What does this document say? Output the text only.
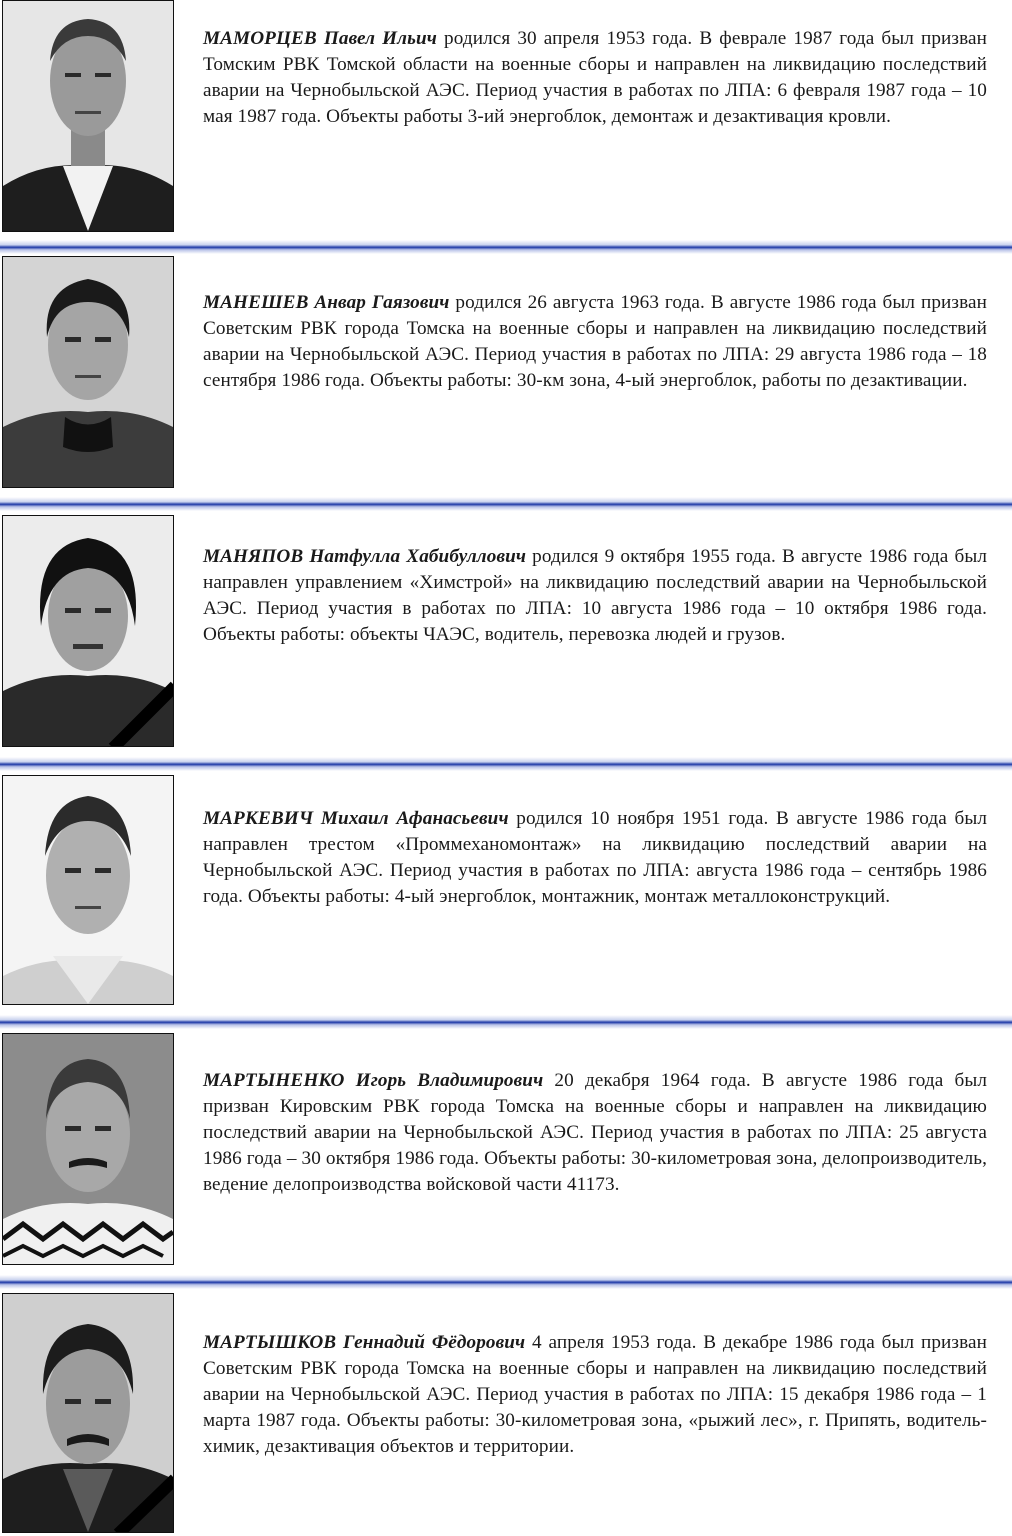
МАМОРЦЕВ Павел Ильич родился 30 апреля 1953 года. В феврале 1987 года был призван Томским РВК Томской области на военные сборы и направлен на ликвидацию последствий аварии на Чернобыльской АЭС. Период участия в работах по ЛПА: 6 февраля 1987 года – 10 мая 1987 года. Объекты работы 3-ий энергоблок, демонтаж и дезактивация кровли.
МАНЕШЕВ Анвар Гаязович родился 26 августа 1963 года. В августе 1986 года был призван Советским РВК города Томска на военные сборы и направлен на ликвидацию последствий аварии на Чернобыльской АЭС. Период участия в работах по ЛПА: 29 августа 1986 года – 18 сентября 1986 года. Объекты работы: 30-км зона, 4-ый энергоблок, работы по дезактивации.
МАНЯПОВ Натфулла Хабибуллович родился 9 октября 1955 года. В августе 1986 года был направлен управлением «Химстрой» на ликвидацию последствий аварии на Чернобыльской АЭС. Период участия в работах по ЛПА: 10 августа 1986 года – 10 октября 1986 года. Объекты работы: объекты ЧАЭС, водитель, перевозка людей и грузов.
МАРКЕВИЧ Михаил Афанасьевич родился 10 ноября 1951 года. В августе 1986 года был направлен трестом «Проммеханомонтаж» на ликвидацию последствий аварии на Чернобыльской АЭС. Период участия в работах по ЛПА: августа 1986 года – сентябрь 1986 года. Объекты работы: 4-ый энергоблок, монтажник, монтаж металлоконструкций.
МАРТЫНЕНКО Игорь Владимирович 20 декабря 1964 года. В августе 1986 года был призван Кировским РВК города Томска на военные сборы и направлен на ликвидацию последствий аварии на Чернобыльской АЭС. Период участия в работах по ЛПА: 25 августа 1986 года – 30 октября 1986 года. Объекты работы: 30-километровая зона, делопроизводитель, ведение делопроизводства войсковой части 41173.
МАРТЫШКОВ Геннадий Фёдорович 4 апреля 1953 года. В декабре 1986 года был призван Советским РВК города Томска на военные сборы и направлен на ликвидацию последствий аварии на Чернобыльской АЭС. Период участия в работах по ЛПА: 15 декабря 1986 года – 1 марта 1987 года. Объекты работы: 30-километровая зона, «рыжий лес», г. Припять, водитель-химик, дезактивация объектов и территории.
